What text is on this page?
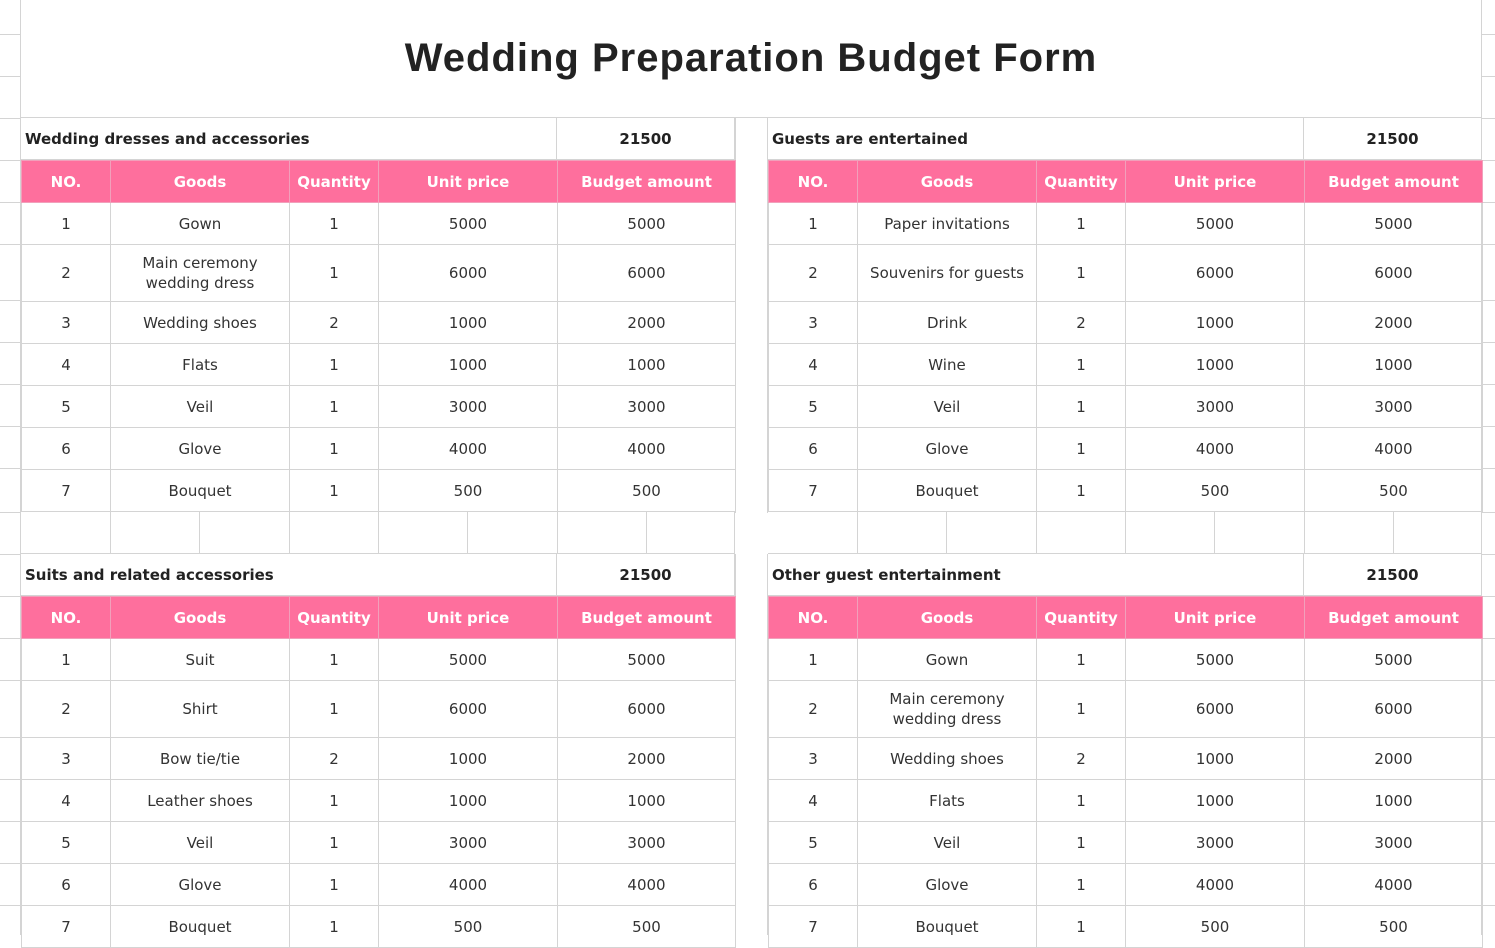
Wedding Preparation Budget Form
Wedding dresses and accessories	21500
NO.	Goods	Quantity	Unit price	Budget amount
1	Gown	1	5000	5000
2	Main ceremony
wedding dress	1	6000	6000
3	Wedding shoes	2	1000	2000
4	Flats	1	1000	1000
5	Veil	1	3000	3000
6	Glove	1	4000	4000
7	Bouquet	1	500	500
Guests are entertained	21500
NO.	Goods	Quantity	Unit price	Budget amount
1	Paper invitations	1	5000	5000
2	Souvenirs for guests	1	6000	6000
3	Drink	2	1000	2000
4	Wine	1	1000	1000
5	Veil	1	3000	3000
6	Glove	1	4000	4000
7	Bouquet	1	500	500
Suits and related accessories	21500
NO.	Goods	Quantity	Unit price	Budget amount
1	Suit	1	5000	5000
2	Shirt	1	6000	6000
3	Bow tie/tie	2	1000	2000
4	Leather shoes	1	1000	1000
5	Veil	1	3000	3000
6	Glove	1	4000	4000
7	Bouquet	1	500	500
Other guest entertainment	21500
NO.	Goods	Quantity	Unit price	Budget amount
1	Gown	1	5000	5000
2	Main ceremony
wedding dress	1	6000	6000
3	Wedding shoes	2	1000	2000
4	Flats	1	1000	1000
5	Veil	1	3000	3000
6	Glove	1	4000	4000
7	Bouquet	1	500	500
